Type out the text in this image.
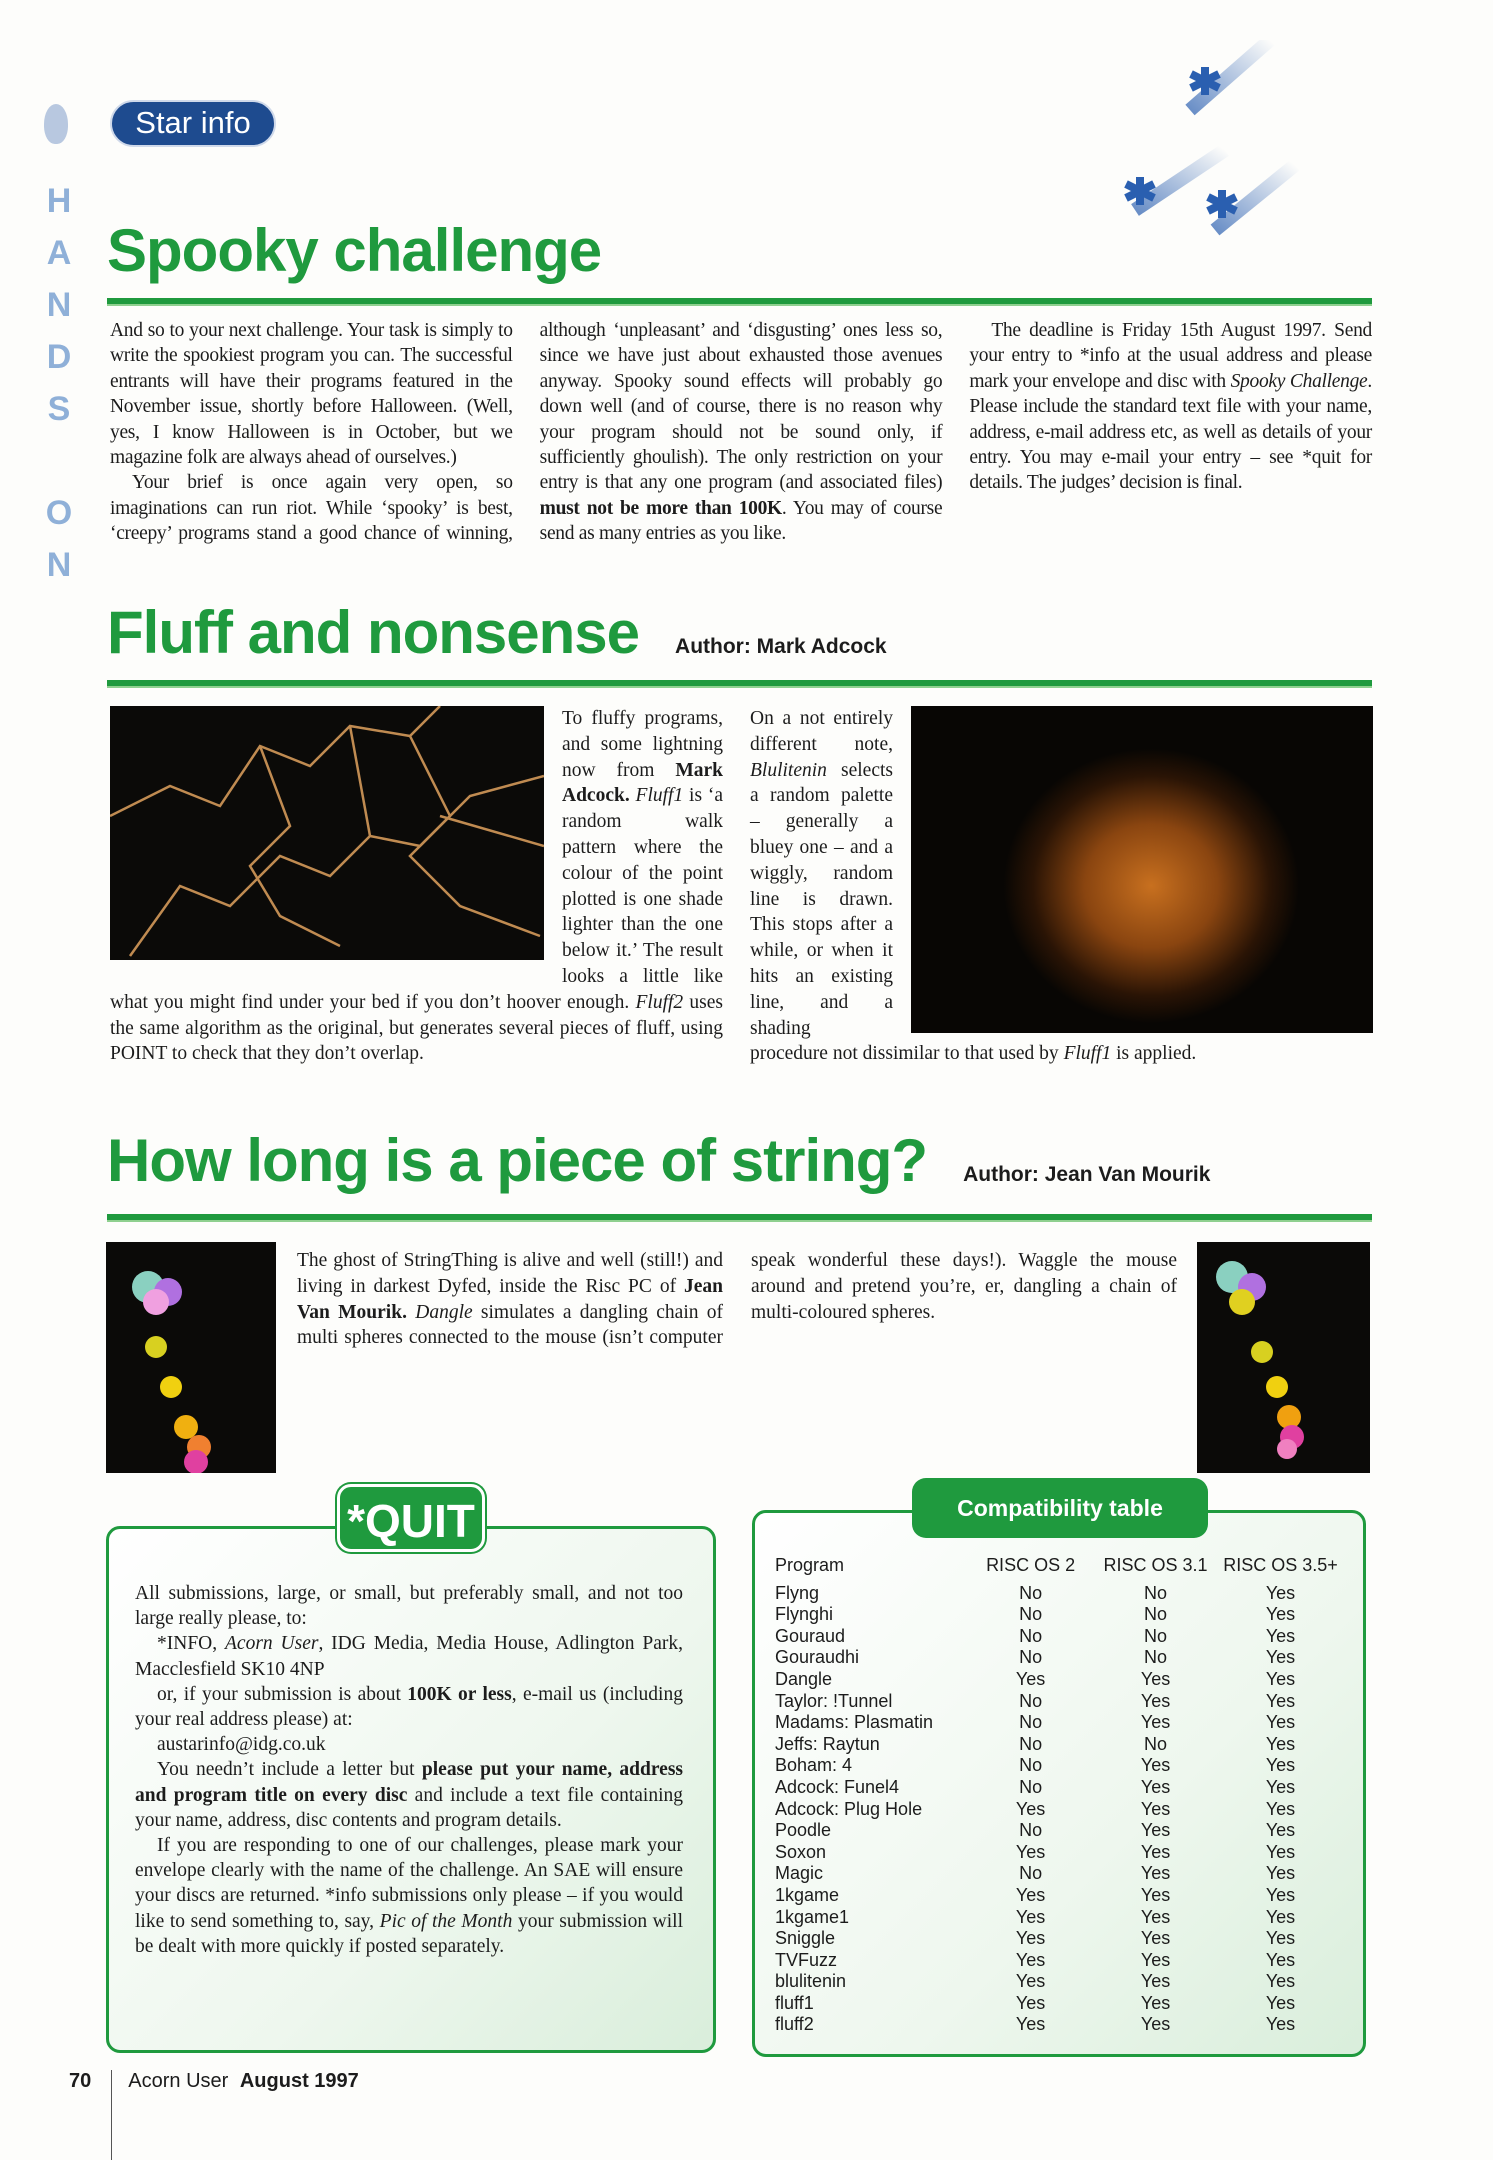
H
A
N
D
S

O
N
Star info
Spooky challenge

And so to your next challenge. Your task is simply to write the spookiest program you can. The successful entrants will have their programs featured in the November issue, shortly before Halloween. (Well, yes, I know Halloween is in October, but we magazine folk are always ahead of ourselves.)

Your brief is once again very open, so imaginations can run riot. While ‘spooky’ is best, ‘creepy’ programs stand a good chance of winning, although ‘unpleasant’ and ‘disgusting’ ones less so, since we have just about exhausted those avenues anyway. Spooky sound effects will probably go down well (and of course, there is no reason why your program should not be sound only, if sufficiently ghoulish). The only restriction on your entry is that any one program (and associated files) must not be more than 100K. You may of course send as many entries as you like.

The deadline is Friday 15th August 1997. Send your entry to *info at the usual address and please mark your envelope and disc with Spooky Challenge. Please include the standard text file with your name, address, e-mail address etc, as well as details of your entry. You may e-mail your entry – see *quit for details. The judges’ decision is final.

Fluff and nonsense Author: Mark Adcock

To fluffy programs, and some lightning now from Mark Adcock. Fluff1 is ‘a random walk pattern where the colour of the point plotted is one shade lighter than the one below it.’ The result looks a little like what you might find under your bed if you don’t hoover enough. Fluff2 uses the same algorithm as the original, but generates several pieces of fluff, using POINT to check that they don’t overlap.

On a not entirely different note, Blulitenin selects a random palette – generally a bluey one – and a wiggly, random line is drawn. This stops after a while, or when it hits an existing line, and a shading procedure not dissimilar to that used by Fluff1 is applied.

How long is a piece of string? Author: Jean Van Mourik

The ghost of StringThing is alive and well (still!) and living in darkest Dyfed, inside the Risc PC of Jean Van Mourik. Dangle simulates a dangling chain of multi spheres connected to the mouse (isn’t computer speak wonderful these days!). Waggle the mouse around and pretend you’re, er, dangling a chain of multi-coloured spheres.

All submissions, large, or small, but preferably small, and not too large really please, to:

*INFO, Acorn User, IDG Media, Media House, Adlington Park, Macclesfield SK10 4NP

or, if your submission is about 100K or less, e-mail us (including your real address please) at:

austarinfo@idg.co.uk

You needn’t include a letter but please put your name, address and program title on every disc and include a text file containing your name, address, disc contents and program details.

If you are responding to one of our challenges, please mark your envelope clearly with the name of the challenge. An SAE will ensure your discs are returned. *info submissions only please – if you would like to send something to, say, Pic of the Month your submission will be dealt with more quickly if posted separately.

*QUIT
Program	RISC OS 2	RISC OS 3.1	RISC OS 3.5+
Flyng	No	No	Yes
Flynghi	No	No	Yes
Gouraud	No	No	Yes
Gouraudhi	No	No	Yes
Dangle	Yes	Yes	Yes
Taylor: !Tunnel	No	Yes	Yes
Madams: Plasmatin	No	Yes	Yes
Jeffs: Raytun	No	No	Yes
Boham: 4	No	Yes	Yes
Adcock: Funel4	No	Yes	Yes
Adcock: Plug Hole	Yes	Yes	Yes
Poodle	No	Yes	Yes
Soxon	Yes	Yes	Yes
Magic	No	Yes	Yes
1kgame	Yes	Yes	Yes
1kgame1	Yes	Yes	Yes
Sniggle	Yes	Yes	Yes
TVFuzz	Yes	Yes	Yes
blulitenin	Yes	Yes	Yes
fluff1	Yes	Yes	Yes
fluff2	Yes	Yes	Yes
Compatibility table
70 Acorn User August 1997
